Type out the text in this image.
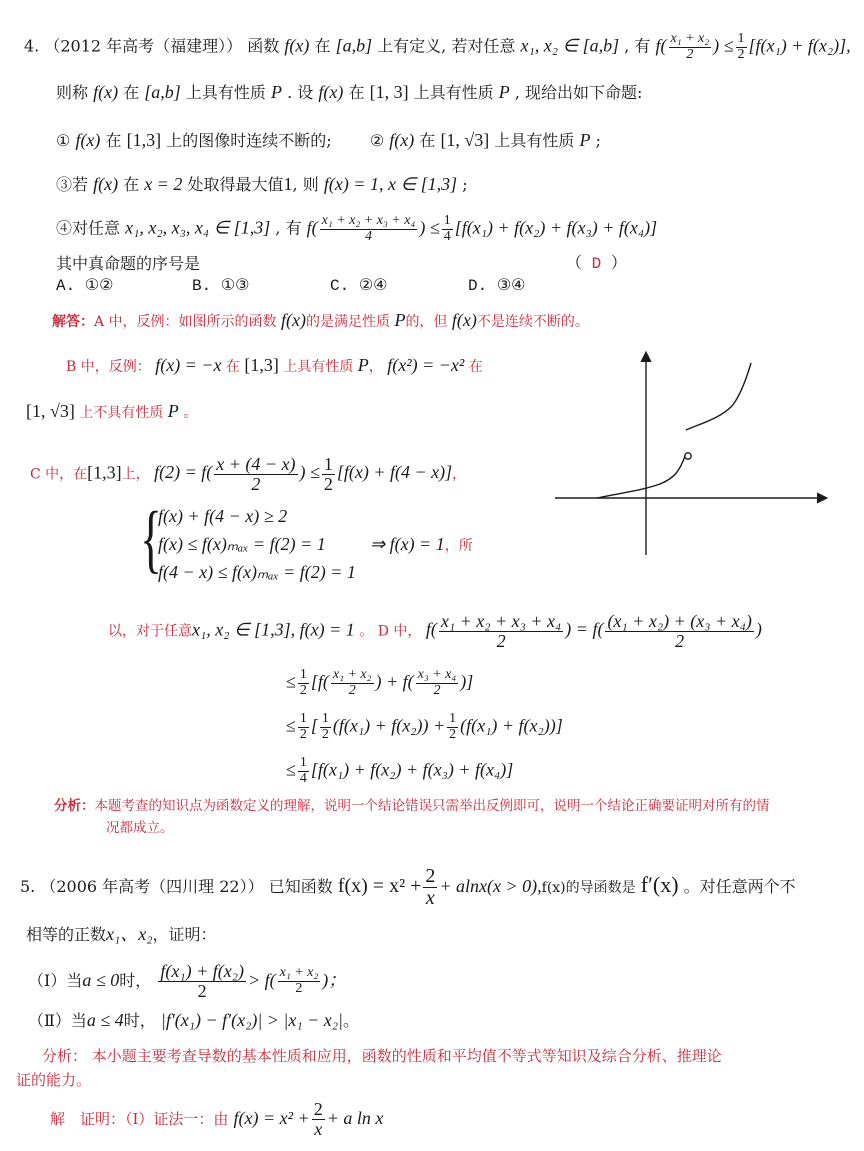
4. （2012 年高考（福建理）） 函数 f(x) 在 [a,b] 上有定义, 若对任意 x₁, x₂ ∈ [a,b] , 有 $f( \frac{\text{x₁ + x₂}}{2}$ ) ≤ $\frac{1}{2} [f(x_1) + f(x_2)]$,
则称 f(x) 在 [a,b] 上具有性质 P . 设 f(x) 在 [1, 3] 上具有性质 P , 现给出如下命题:
① f(x) 在 [1,3] 上的图像时连续不断的; ② f(x) 在 [1, √3] 上具有性质 P ;
③若 f(x) 在 x = 2 处取得最大值1, 则 f(x) = 1, x ∈ [1,3] ;
④对任意 x₁, x₂, x₃, x₄ ∈ [1,3] , 有 $f( \frac{\text{x₁ + x₂ + x₃ + x₄}}{4}$ ) ≤ $\frac{1}{4} [f(x_1) + f(x_2) + f(x_3) + f(x_4)]$
其中真命题的序号是	（ D ）
A. ①②	B. ①③	C. ②④	D. ③④
解答：A 中，反例：如图所示的函数 f(x)的是满足性质 P的，但 f(x)不是连续不断的。
B 中，反例： f(x) = −x 在 [1,3] 上具有性质 P， f(x²) = −x² 在
[1, √3] 上不具有性质 P 。
C 中，在[1,3]上， $f(2) = f( \frac{x + (4 - x)}{2}$ ) ≤ $\frac{1}{2} [f(x) + f(4 - x)]$，
{
f(x) + f(4 − x) ≥ 2
f(x) ≤ f(x)ₘₐₓ = f(2) = 1
f(4 − x) ≤ f(x)ₘₐₓ = f(2) = 1
⇒ f(x) = 1，所
以，对于任意x₁, x₂ ∈ [1,3], f(x) = 1 。 D 中， $f( \frac{\text{x₁ + x₂ + x₃ + x₄}}{2}$ ) = $f( \frac{\text{(x₁ + x₂) + (x₃ + x₄)}}{2}$ )
≤ $\frac{1}{2} [f( \frac{\text{x₁ + x₂}}{2}$ ) + $f( \frac{\text{x₃ + x₄}}{2}$ )]
≤ $\frac{1}{2}$ [ $\frac{1}{2} (f(x_1) + f(x_2)) + \frac{1}{2} (f(x_1) + f(x_2))$]
≤ $\frac{1}{4} [f(x_1) + f(x_2) + f(x_3) + f(x_4)]$
分析：本题考查的知识点为函数定义的理解，说明一个结论错误只需举出反例即可，说明一个结论正确要证明对所有的情
况都成立。
5. （2006 年高考（四川理 22）） 已知函数 $f(x) = x^2 + \frac{2}{x} + alnx(x > 0),f(x)$的导函数是 f′(x) 。对任意两个不
相等的正数x₁、x₂，证明：
（Ⅰ）当a ≤ 0时， $\frac{\text{f(x₁) + f(x₂)}}{2} > f( \frac{\text{x₁ + x₂}}{2}$ )；
（Ⅱ）当a ≤ 4时， |f′(x₁) − f′(x₂)| > |x₁ − x₂|。
分析： 本小题主要考查导数的基本性质和应用，函数的性质和平均值不等式等知识及综合分析、推理论
证的能力。
解　证明：（Ⅰ）证法一：由 $f(x) = x^2 + \frac{2}{x} + a$ ln x
